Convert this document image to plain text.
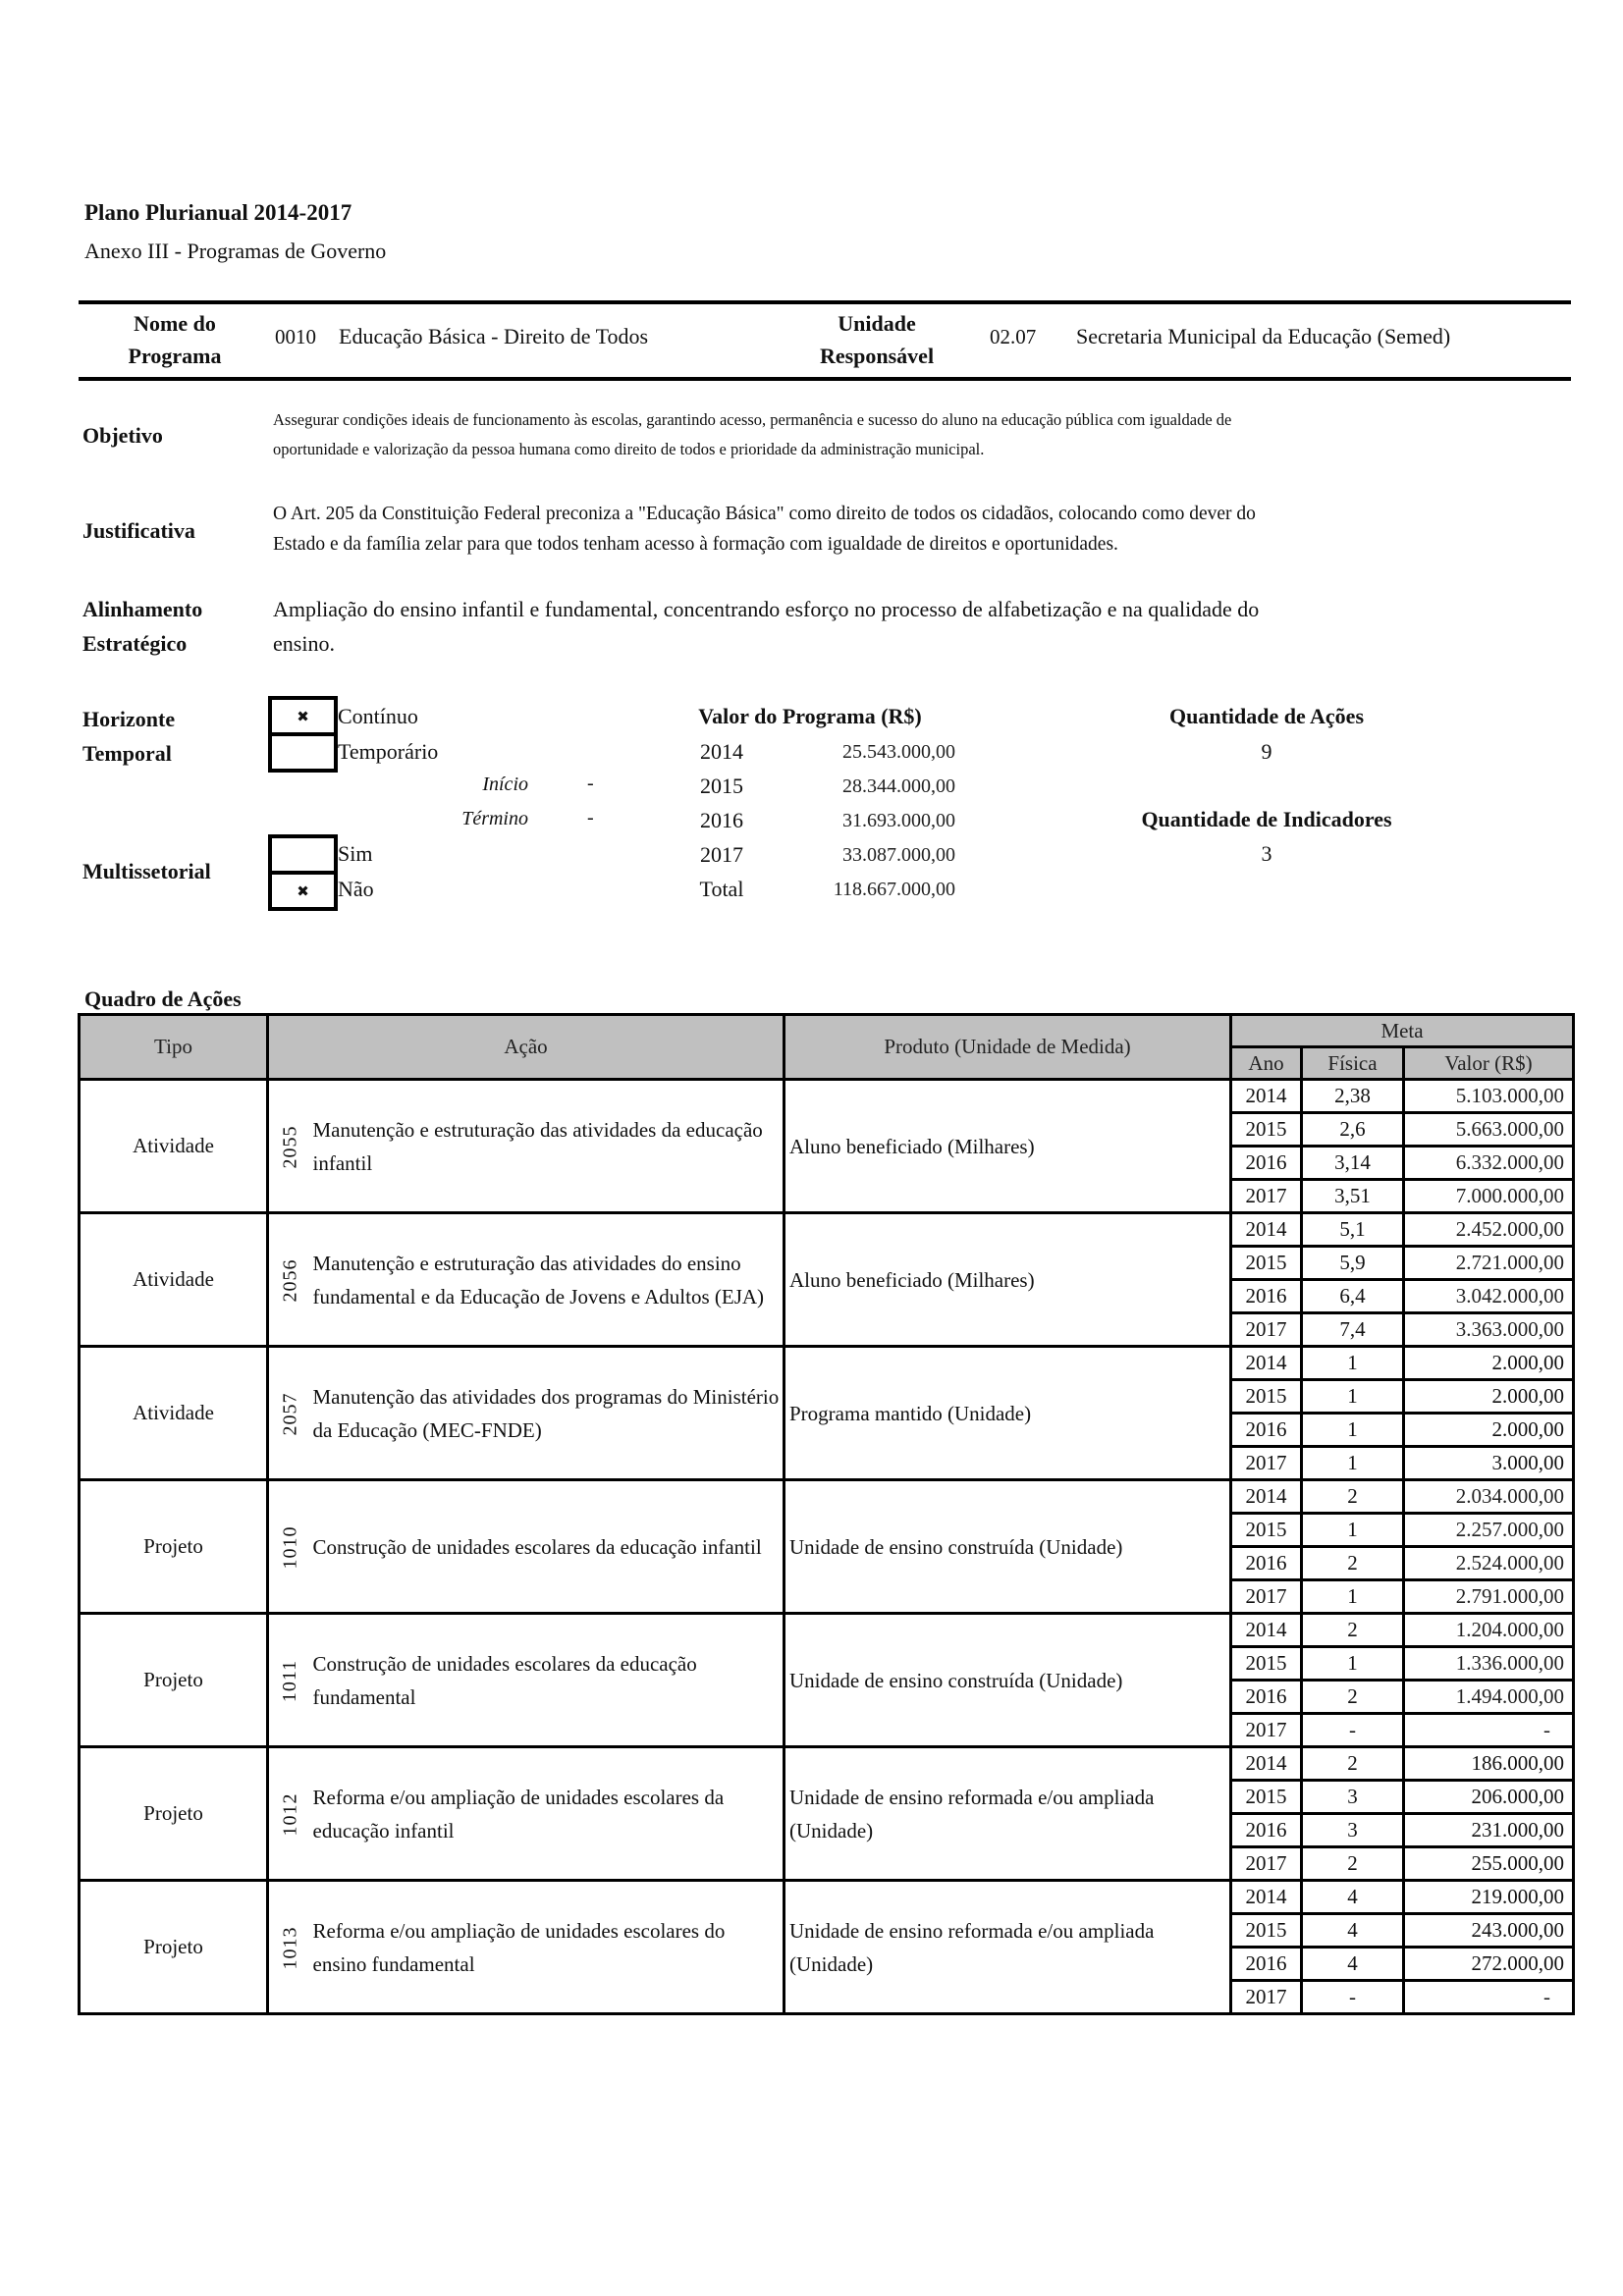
Plano Plurianual 2014-2017
Anexo III - Programas de Governo
Nome do
Programa
0010 Educação Básica - Direito de Todos
Unidade
Responsável
02.07 Secretaria Municipal da Educação (Semed)
Objetivo
Assegurar condições ideais de funcionamento às escolas, garantindo acesso, permanência e sucesso do aluno na educação pública com igualdade de
oportunidade e valorização da pessoa humana como direito de todos e prioridade da administração municipal.
Justificativa
O Art. 205 da Constituição Federal preconiza a "Educação Básica" como direito de todos os cidadãos, colocando como dever do
Estado e da família zelar para que todos tenham acesso à formação com igualdade de direitos e oportunidades.
Alinhamento
Estratégico
Ampliação do ensino infantil e fundamental, concentrando esforço no processo de alfabetização e na qualidade do
ensino.
Horizonte
Temporal
✖	Contínuo
Temporário
Início	-
Término	-
Multissetorial
✖
Sim
Não
Valor do Programa (R$)
2014	25.543.000,00
2015	28.344.000,00
2016	31.693.000,00
2017	33.087.000,00
Total	118.667.000,00
Quantidade de Ações
9
Quantidade de Indicadores
3
Quadro de Ações
Tipo	Ação		Produto (Unidade de Medida)	Meta		
				Ano	Física	Valor (R$)
Atividade	2055	Manutenção e estruturação das atividades da educação infantil	Aluno beneficiado (Milhares)	2014	2,38	5.103.000,00
				2015	2,6	5.663.000,00
				2016	3,14	6.332.000,00
				2017	3,51	7.000.000,00
Atividade	2056	Manutenção e estruturação das atividades do ensino fundamental e da Educação de Jovens e Adultos (EJA)	Aluno beneficiado (Milhares)	2014	5,1	2.452.000,00
				2015	5,9	2.721.000,00
				2016	6,4	3.042.000,00
				2017	7,4	3.363.000,00
Atividade	2057	Manutenção das atividades dos programas do Ministério da Educação (MEC-FNDE)	Programa mantido (Unidade)	2014	1	2.000,00
				2015	1	2.000,00
				2016	1	2.000,00
				2017	1	3.000,00
Projeto	1010	Construção de unidades escolares da educação infantil	Unidade de ensino construída (Unidade)	2014	2	2.034.000,00
				2015	1	2.257.000,00
				2016	2	2.524.000,00
				2017	1	2.791.000,00
Projeto	1011	Construção de unidades escolares da educação fundamental	Unidade de ensino construída (Unidade)	2014	2	1.204.000,00
				2015	1	1.336.000,00
				2016	2	1.494.000,00
				2017	-	-
Projeto	1012	Reforma e/ou ampliação de unidades escolares da educação infantil	Unidade de ensino reformada e/ou ampliada (Unidade)	2014	2	186.000,00
				2015	3	206.000,00
				2016	3	231.000,00
				2017	2	255.000,00
Projeto	1013	Reforma e/ou ampliação de unidades escolares do ensino fundamental	Unidade de ensino reformada e/ou ampliada (Unidade)	2014	4	219.000,00
				2015	4	243.000,00
				2016	4	272.000,00
				2017	-	-
